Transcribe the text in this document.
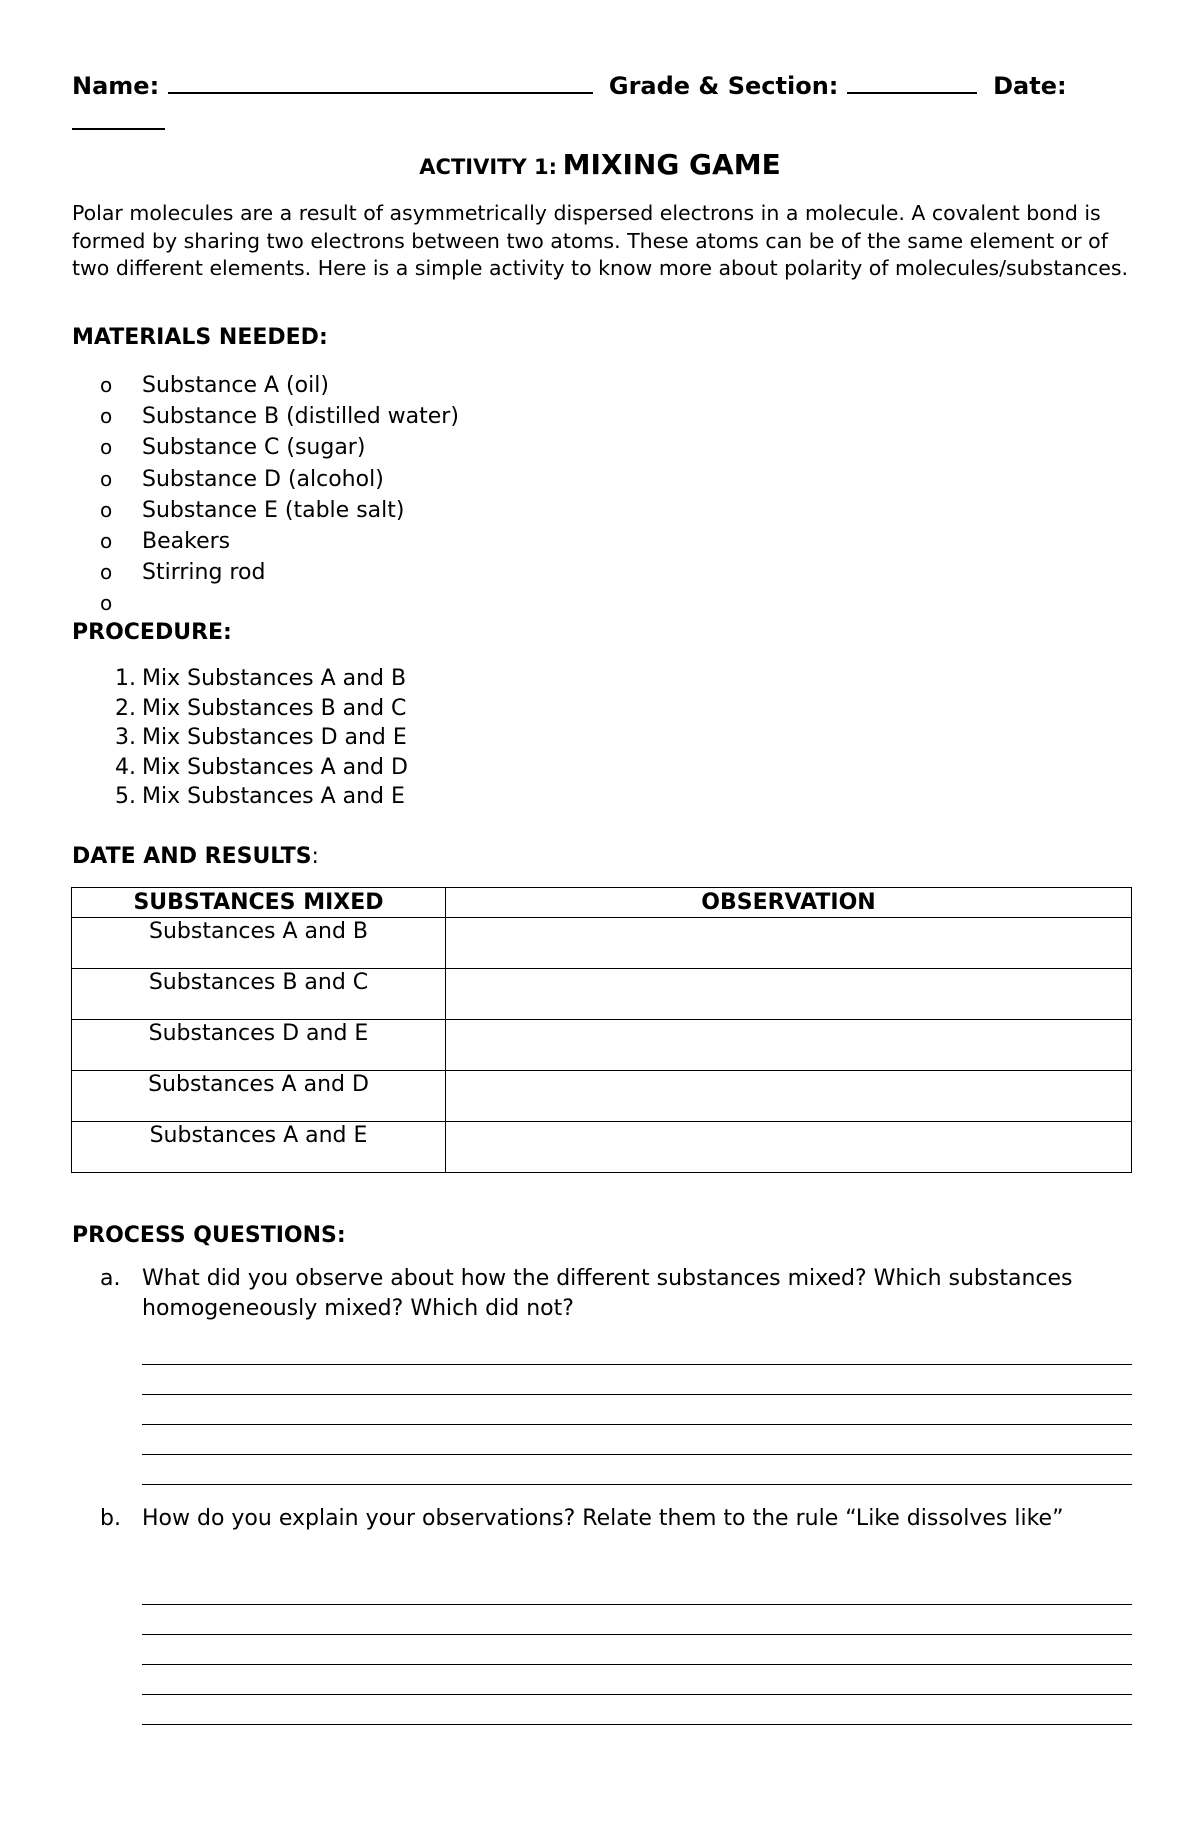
Name:	Grade & Section:	Date:
ACTIVITY 1: MIXING GAME
Polar molecules are a result of asymmetrically dispersed electrons in a molecule. A covalent bond is formed by sharing two electrons between two atoms. These atoms can be of the same element or of two different elements. Here is a simple activity to know more about polarity of molecules/substances.
MATERIALS NEEDED:
o	Substance A (oil)
o	Substance B (distilled water)
o	Substance C (sugar)
o	Substance D (alcohol)
o	Substance E (table salt)
o	Beakers
o	Stirring rod
o
PROCEDURE:
1. Mix Substances A and B
2. Mix Substances B and C
3. Mix Substances D and E
4. Mix Substances A and D
5. Mix Substances A and E
DATE AND RESULTS:
SUBSTANCES MIXED	OBSERVATION
Substances A and B	
Substances B and C	
Substances D and E	
Substances A and D	
Substances A and E	
PROCESS QUESTIONS:
a. What did you observe about how the different substances mixed? Which substances homogeneously mixed? Which did not?
b. How do you explain your observations? Relate them to the rule “Like dissolves like”
